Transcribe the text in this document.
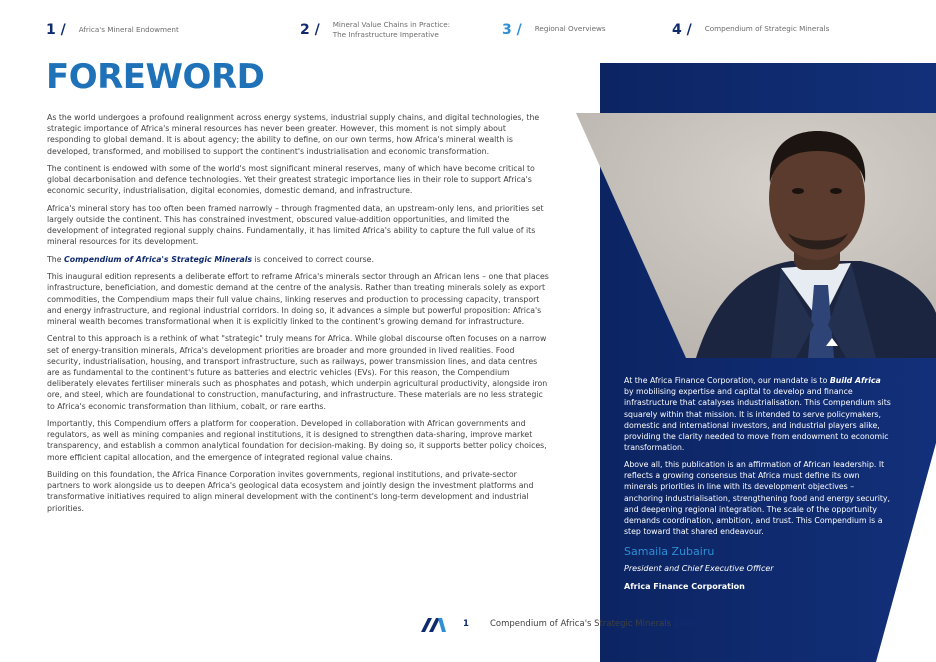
1 / Africa's Mineral Endowment	2 / Mineral Value Chains in Practice:
The Infrastructure Imperative	3 / Regional Overviews	4 / Compendium of Strategic Minerals
FOREWORD

As the world undergoes a profound realignment across energy systems, industrial supply chains, and digital technologies, the strategic importance of Africa's mineral resources has never been greater. However, this moment is not simply about responding to global demand. It is about agency; the ability to define, on our own terms, how Africa's mineral wealth is developed, transformed, and mobilised to support the continent's industrialisation and economic transformation.

The continent is endowed with some of the world's most significant mineral reserves, many of which have become critical to global decarbonisation and defence technologies. Yet their greatest strategic importance lies in their role to support Africa's economic security, industrialisation, digital economies, domestic demand, and infrastructure.

Africa's mineral story has too often been framed narrowly – through fragmented data, an upstream-only lens, and priorities set largely outside the continent. This has constrained investment, obscured value-addition opportunities, and limited the development of integrated regional supply chains. Fundamentally, it has limited Africa's ability to capture the full value of its mineral resources for its development.

The Compendium of Africa's Strategic Minerals is conceived to correct course.

This inaugural edition represents a deliberate effort to reframe Africa's minerals sector through an African lens – one that places infrastructure, beneficiation, and domestic demand at the centre of the analysis. Rather than treating minerals solely as export commodities, the Compendium maps their full value chains, linking reserves and production to processing capacity, transport and energy infrastructure, and regional industrial corridors. In doing so, it advances a simple but powerful proposition: Africa's mineral wealth becomes transformational when it is explicitly linked to the continent's growing demand for infrastructure.

Central to this approach is a rethink of what "strategic" truly means for Africa. While global discourse often focuses on a narrow set of energy-transition minerals, Africa's development priorities are broader and more grounded in lived realities. Food security, industrialisation, housing, and transport infrastructure, such as railways, power transmission lines, and data centres are as fundamental to the continent's future as batteries and electric vehicles (EVs). For this reason, the Compendium deliberately elevates fertiliser minerals such as phosphates and potash, which underpin agricultural productivity, alongside iron ore, and steel, which are foundational to construction, manufacturing, and infrastructure. These materials are no less strategic to Africa's economic transformation than lithium, cobalt, or rare earths.

Importantly, this Compendium offers a platform for cooperation. Developed in collaboration with African governments and regulators, as well as mining companies and regional institutions, it is designed to strengthen data-sharing, improve market transparency, and establish a common analytical foundation for decision-making. By doing so, it supports better policy choices, more efficient capital allocation, and the emergence of integrated regional value chains.

Building on this foundation, the Africa Finance Corporation invites governments, regional institutions, and private-sector partners to work alongside us to deepen Africa's geological data ecosystem and jointly design the investment platforms and transformative initiatives required to align mineral development with the continent's long-term development and industrial priorities.

At the Africa Finance Corporation, our mandate is to Build Africa by mobilising expertise and capital to develop and finance infrastructure that catalyses industrialisation. This Compendium sits squarely within that mission. It is intended to serve policymakers, domestic and international investors, and industrial players alike, providing the clarity needed to move from endowment to economic transformation.

Above all, this publication is an affirmation of African leadership. It reflects a growing consensus that Africa must define its own minerals priorities in line with its development objectives – anchoring industrialisation, strengthening food and energy security, and deepening regional integration. The scale of the opportunity demands coordination, ambition, and trust. This Compendium is a step toward that shared endeavour.

Samaila Zubairu
President and Chief Executive Officer
Africa Finance Corporation
1 Compendium of Africa's Strategic Minerals 2026
